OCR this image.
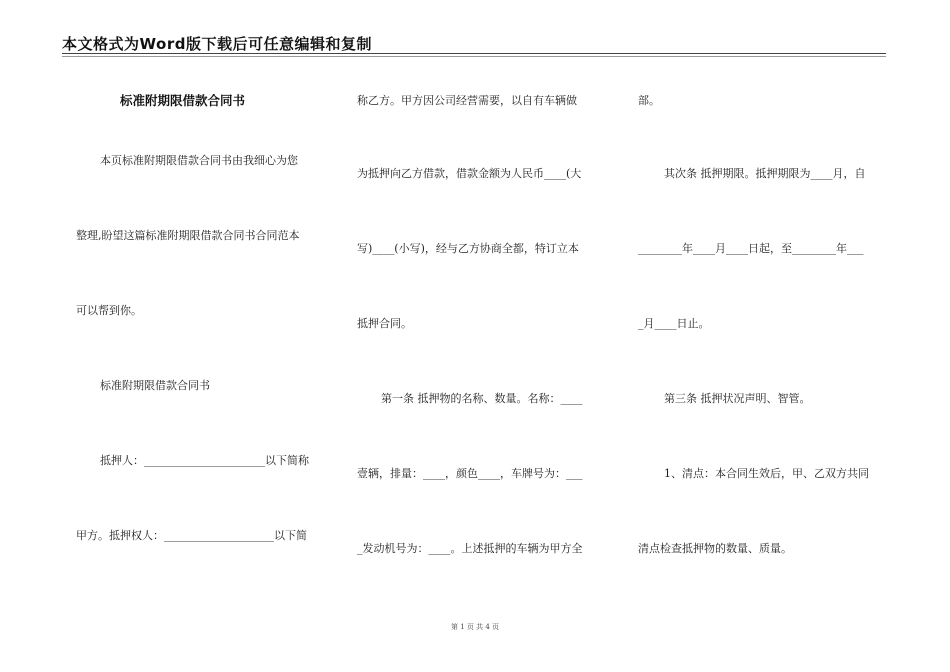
本文格式为Word版下载后可任意编辑和复制
标准附期限借款合同书
本页标准附期限借款合同书由我细心为您
整理,盼望这篇标准附期限借款合同书合同范本
可以帮到你。
标准附期限借款合同书
抵押人：______________________以下简称
甲方。抵押权人：____________________以下简
称乙方。甲方因公司经营需要，以自有车辆做
为抵押向乙方借款，借款金额为人民币____(大
写)____(小写)，经与乙方协商全都，特订立本
抵押合同。
第一条 抵押物的名称、数量。名称：____
壹辆，排量：____，颜色____，车牌号为：___
_发动机号为：____。上述抵押的车辆为甲方全
部。
其次条 抵押期限。抵押期限为____月，自
________年____月____日起，至________年___
_月____日止。
第三条 抵押状况声明、智管。
1、清点：本合同生效后，甲、乙双方共同
清点检查抵押物的数量、质量。
第 1 页 共 4 页
